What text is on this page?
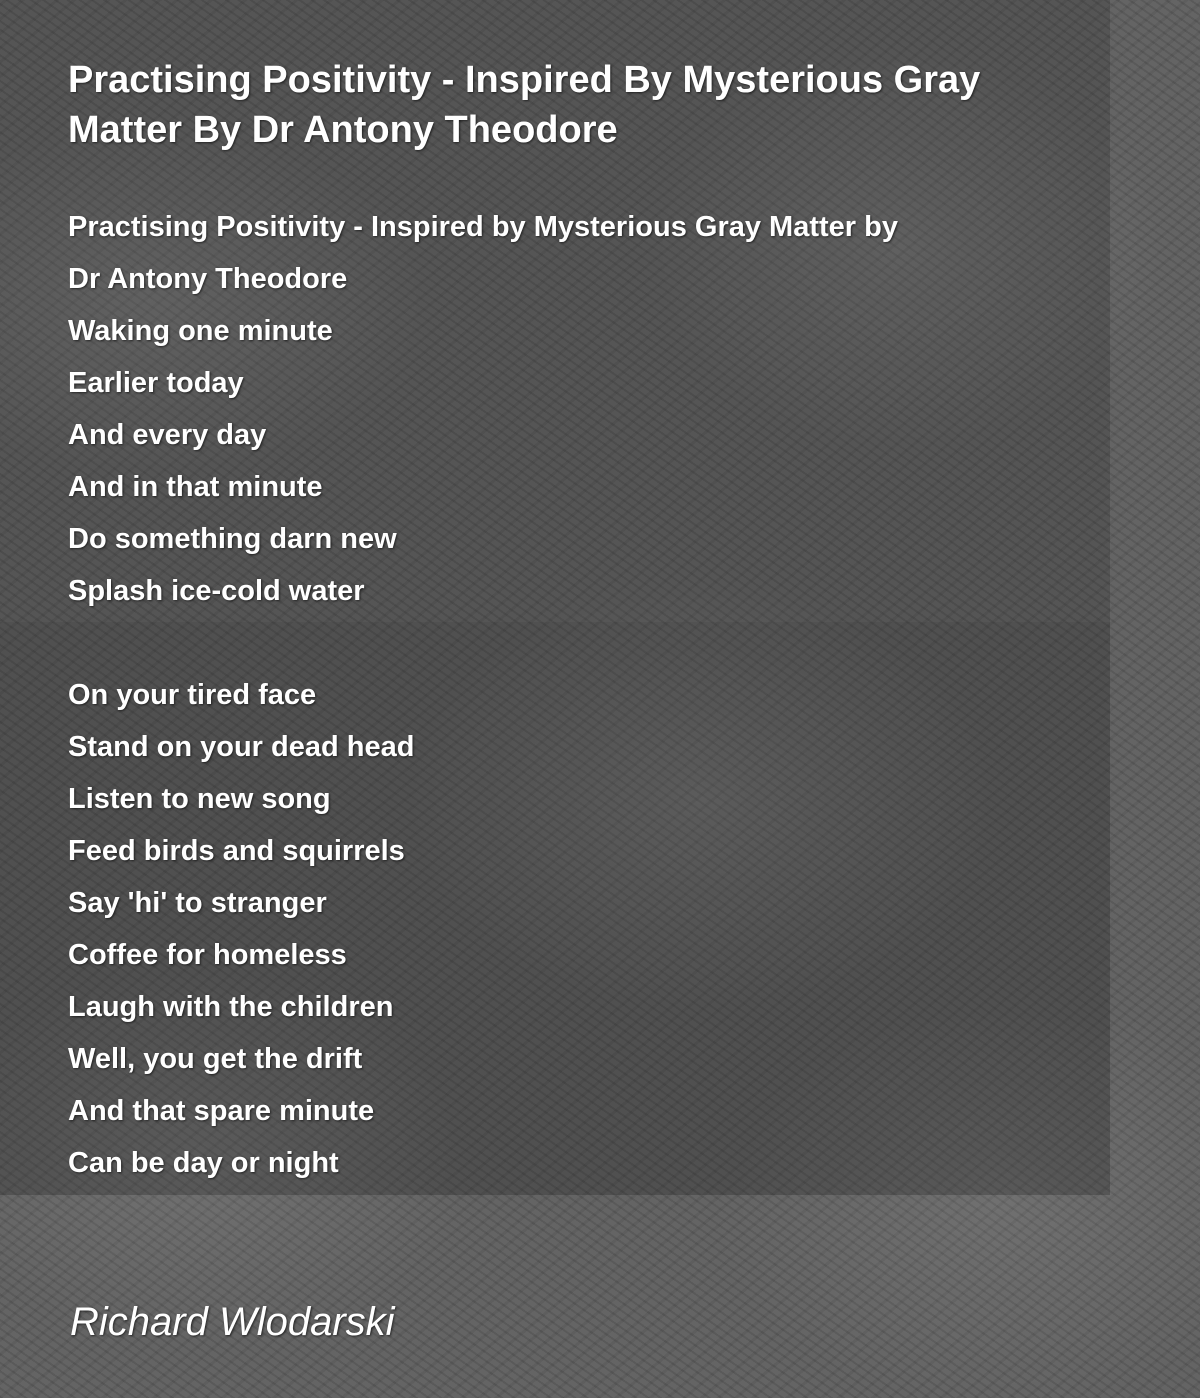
Practising Positivity - Inspired By Mysterious Gray Matter By Dr Antony Theodore
Practising Positivity - Inspired by Mysterious Gray Matter by
Dr Antony Theodore
Waking one minute
Earlier today
And every day
And in that minute
Do something darn new
Splash ice-cold water
On your tired face
Stand on your dead head
Listen to new song
Feed birds and squirrels
Say 'hi' to stranger
Coffee for homeless
Laugh with the children
Well, you get the drift
And that spare minute
Can be day or night
Richard Wlodarski
